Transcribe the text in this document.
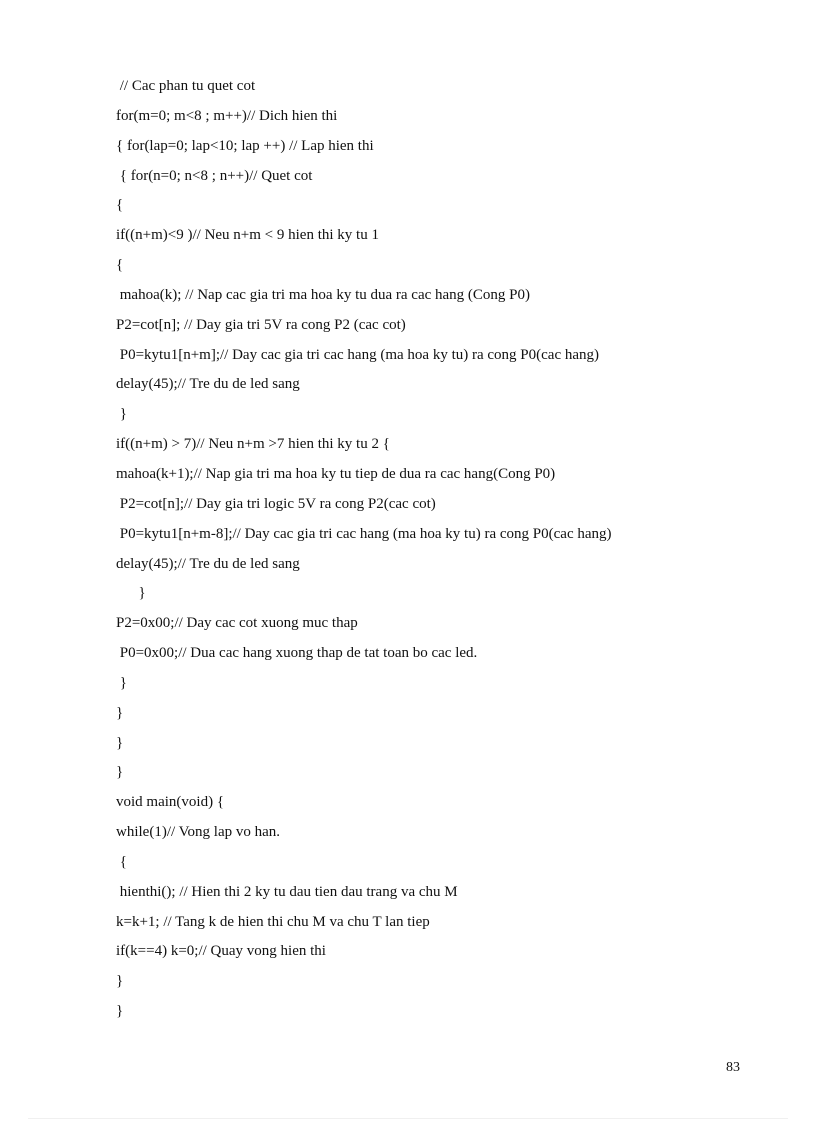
// Cac phan tu quet cot
for(m=0; m<8 ; m++)// Dich hien thi
{ for(lap=0; lap<10; lap ++) // Lap hien thi
{ for(n=0; n<8 ; n++)// Quet cot
{
if((n+m)<9 )// Neu n+m < 9 hien thi ky tu 1
{
mahoa(k); // Nap cac gia tri ma hoa ky tu dua ra cac hang (Cong P0)
P2=cot[n]; // Day gia tri 5V ra cong P2 (cac cot)
P0=kytu1[n+m];// Day cac gia tri cac hang (ma hoa ky tu) ra cong P0(cac hang)
delay(45);// Tre du de led sang
}
if((n+m) > 7)// Neu n+m >7 hien thi ky tu 2 {
mahoa(k+1);// Nap gia tri ma hoa ky tu tiep de dua ra cac hang(Cong P0)
P2=cot[n];// Day gia tri logic 5V ra cong P2(cac cot)
P0=kytu1[n+m-8];// Day cac gia tri cac hang (ma hoa ky tu) ra cong P0(cac hang)
delay(45);// Tre du de led sang
}
P2=0x00;// Day cac cot xuong muc thap
P0=0x00;// Dua cac hang xuong thap de tat toan bo cac led.
}
}
}
}
void main(void) {
while(1)// Vong lap vo han.
{
hienthi(); // Hien thi 2 ky tu dau tien dau trang va chu M
k=k+1; // Tang k de hien thi chu M va chu T lan tiep
if(k==4) k=0;// Quay vong hien thi
}
}
83
